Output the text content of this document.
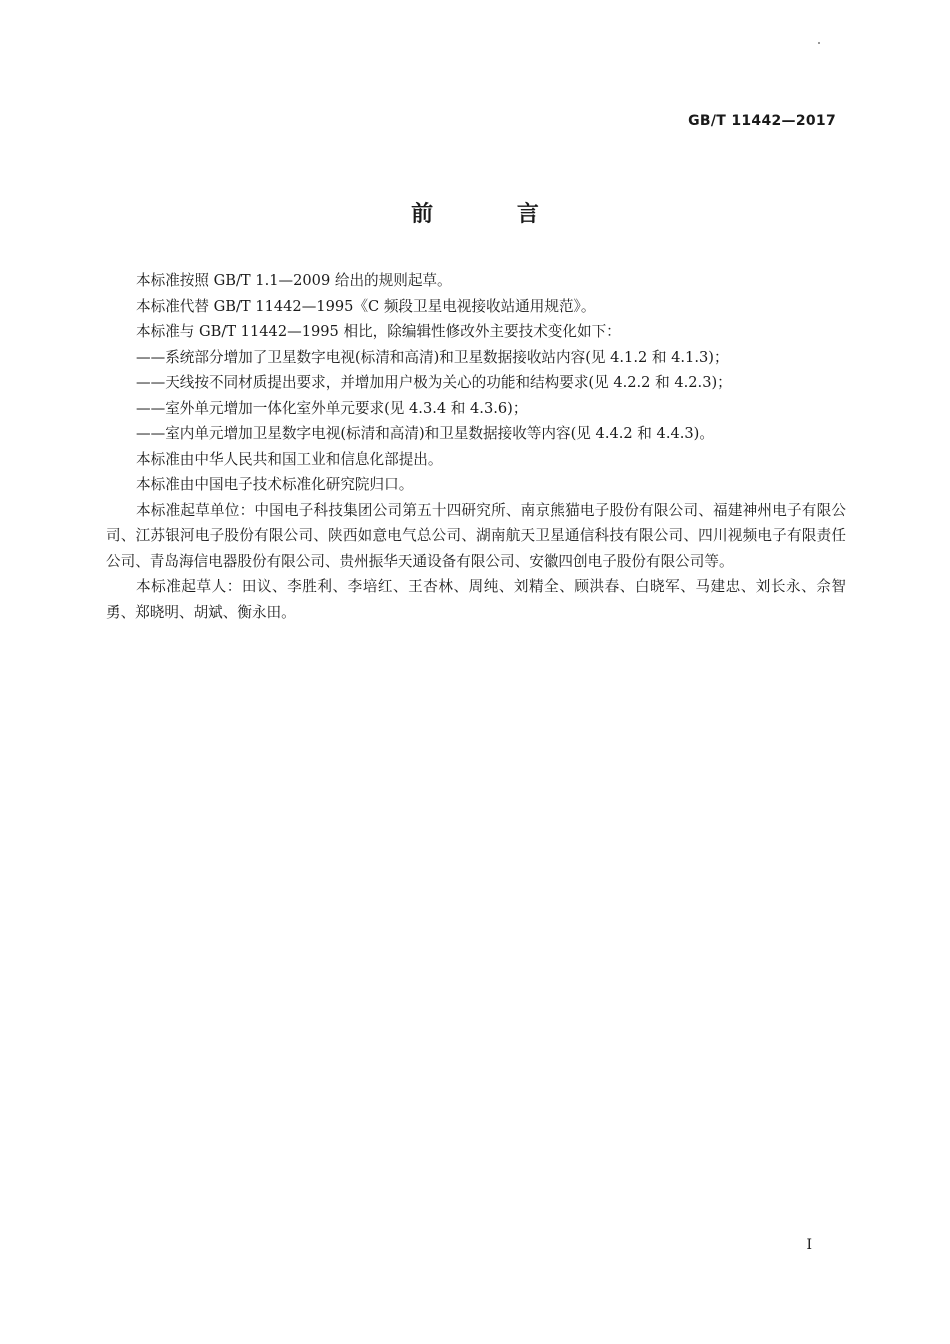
GB/T 11442—2017
前 言

本标准按照 GB/T 1.1—2009 给出的规则起草。

本标准代替 GB/T 11442—1995《C 频段卫星电视接收站通用规范》。

本标准与 GB/T 11442—1995 相比，除编辑性修改外主要技术变化如下：

——系统部分增加了卫星数字电视(标清和高清)和卫星数据接收站内容(见 4.1.2 和 4.1.3)；

——天线按不同材质提出要求，并增加用户极为关心的功能和结构要求(见 4.2.2 和 4.2.3)；

——室外单元增加一体化室外单元要求(见 4.3.4 和 4.3.6)；

——室内单元增加卫星数字电视(标清和高清)和卫星数据接收等内容(见 4.4.2 和 4.4.3)。

本标准由中华人民共和国工业和信息化部提出。

本标准由中国电子技术标准化研究院归口。

本标准起草单位：中国电子科技集团公司第五十四研究所、南京熊猫电子股份有限公司、福建神州电子有限公司、江苏银河电子股份有限公司、陕西如意电气总公司、湖南航天卫星通信科技有限公司、四川视频电子有限责任公司、青岛海信电器股份有限公司、贵州振华天通设备有限公司、安徽四创电子股份有限公司等。

本标准起草人：田议、李胜利、李培红、王杏林、周纯、刘精全、顾洪春、白晓军、马建忠、刘长永、佘智勇、郑晓明、胡斌、衡永田。

I
